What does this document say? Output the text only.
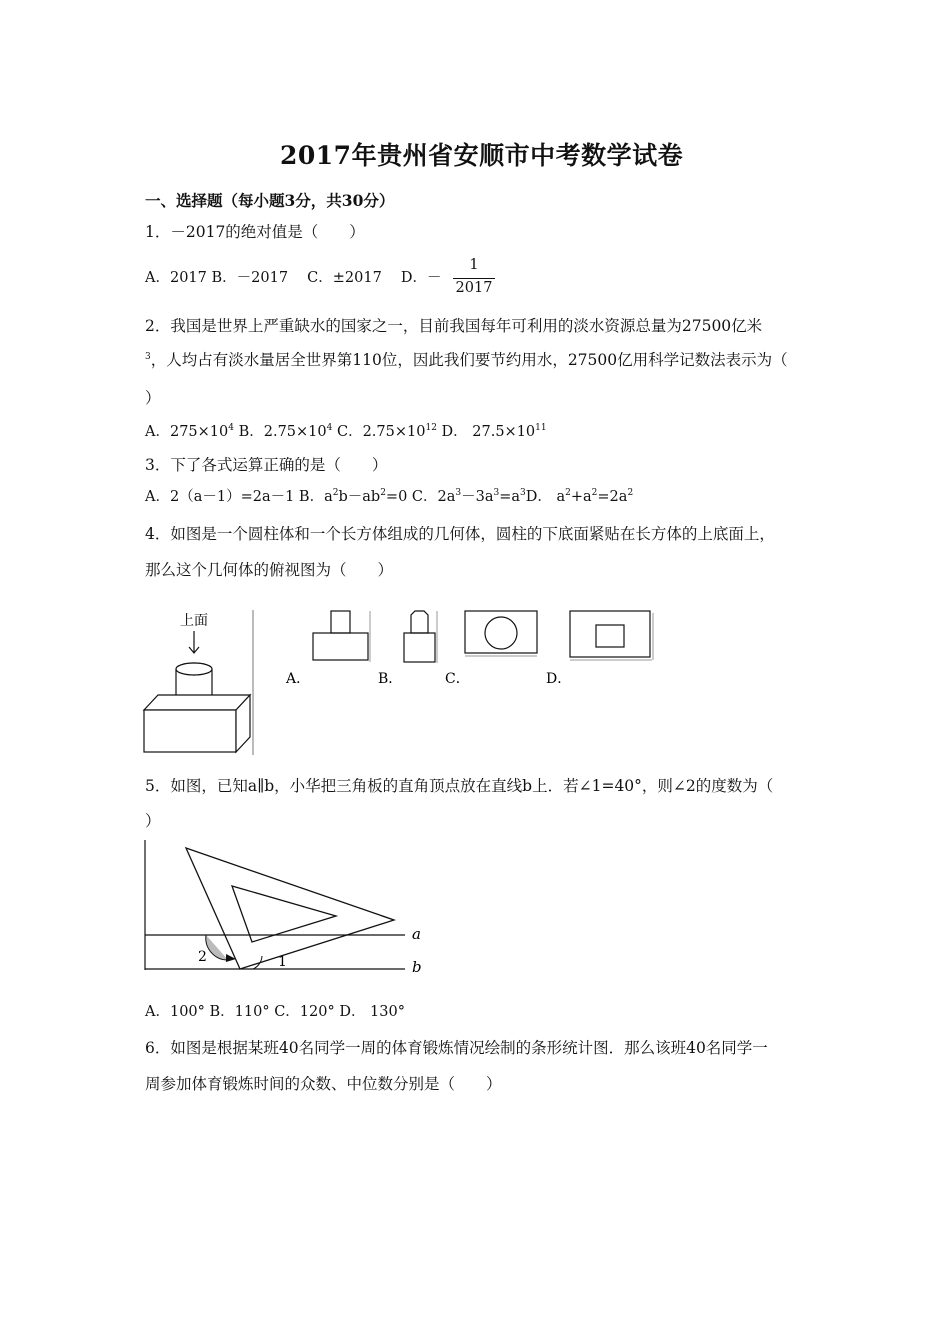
2017年贵州省安顺市中考数学试卷
一、选择题（每小题3分，共30分）
1．－2017的绝对值是（　　）
A．2017 B．－2017　 C．±2017　 D．－
1
2017
2．我国是世界上严重缺水的国家之一，目前我国每年可利用的淡水资源总量为27500亿米
$^3$，人均占有淡水量居全世界第110位，因此我们要节约用水，27500亿用科学记数法表示为（
）
A．$275\times 10^4$ B．$2.75\times 10^4$ C．$2.75\times 10^{12}$ D． $27.5\times 10^{11}$
3．下了各式运算正确的是（　　）
A．2（a－1）=2a－1 B．$a^2b-ab^2=0$ C．$2a^3-3a^3=a^3D$． $a^2+a^2=2a^2$
4．如图是一个圆柱体和一个长方体组成的几何体，圆柱的下底面紧贴在长方体的上底面上，
那么这个几何体的俯视图为（　　）
上面
A．	B．	C．	D．
5．如图，已知a∥b，小华把三角板的直角顶点放在直线b上．若∠1=40°，则∠2的度数为（
）
a
b
1
2
A．100° B．110° C．120° D． 130°
6．如图是根据某班40名同学一周的体育锻炼情况绘制的条形统计图．那么该班40名同学一
周参加体育锻炼时间的众数、中位数分别是（　　）
